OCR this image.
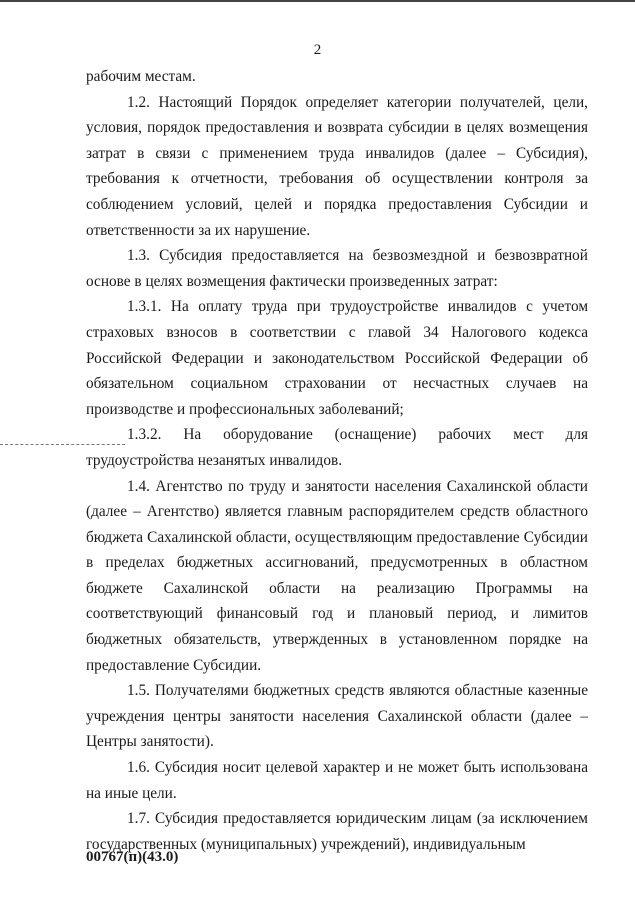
2

рабочим местам.

1.2. Настоящий Порядок определяет категории получателей, цели, условия, порядок предоставления и возврата субсидии в целях возмещения затрат в связи с применением труда инвалидов (далее – Субсидия), требования к отчетности, требования об осуществлении контроля за соблюдением условий, целей и порядка предоставления Субсидии и ответственности за их нарушение.

1.3. Субсидия предоставляется на безвозмездной и безвозвратной основе в целях возмещения фактически произведенных затрат:

1.3.1. На оплату труда при трудоустройстве инвалидов с учетом страховых взносов в соответствии с главой 34 Налогового кодекса Российской Федерации и законодательством Российской Федерации об обязательном социальном страховании от несчастных случаев на производстве и профессиональных заболеваний;

1.3.2. На оборудование (оснащение) рабочих мест для трудоустройства незанятых инвалидов.

1.4. Агентство по труду и занятости населения Сахалинской области (далее – Агентство) является главным распорядителем средств областного бюджета Сахалинской области, осуществляющим предоставление Субсидии в пределах бюджетных ассигнований, предусмотренных в областном бюджете Сахалинской области на реализацию Программы на соответствующий финансовый год и плановый период, и лимитов бюджетных обязательств, утвержденных в установленном порядке на предоставление Субсидии.

1.5. Получателями бюджетных средств являются областные казенные учреждения центры занятости населения Сахалинской области (далее – Центры занятости).

1.6. Субсидия носит целевой характер и не может быть использована на иные цели.

1.7. Субсидия предоставляется юридическим лицам (за исключением государственных (муниципальных) учреждений), индивидуальным

00767(п)(43.0)
